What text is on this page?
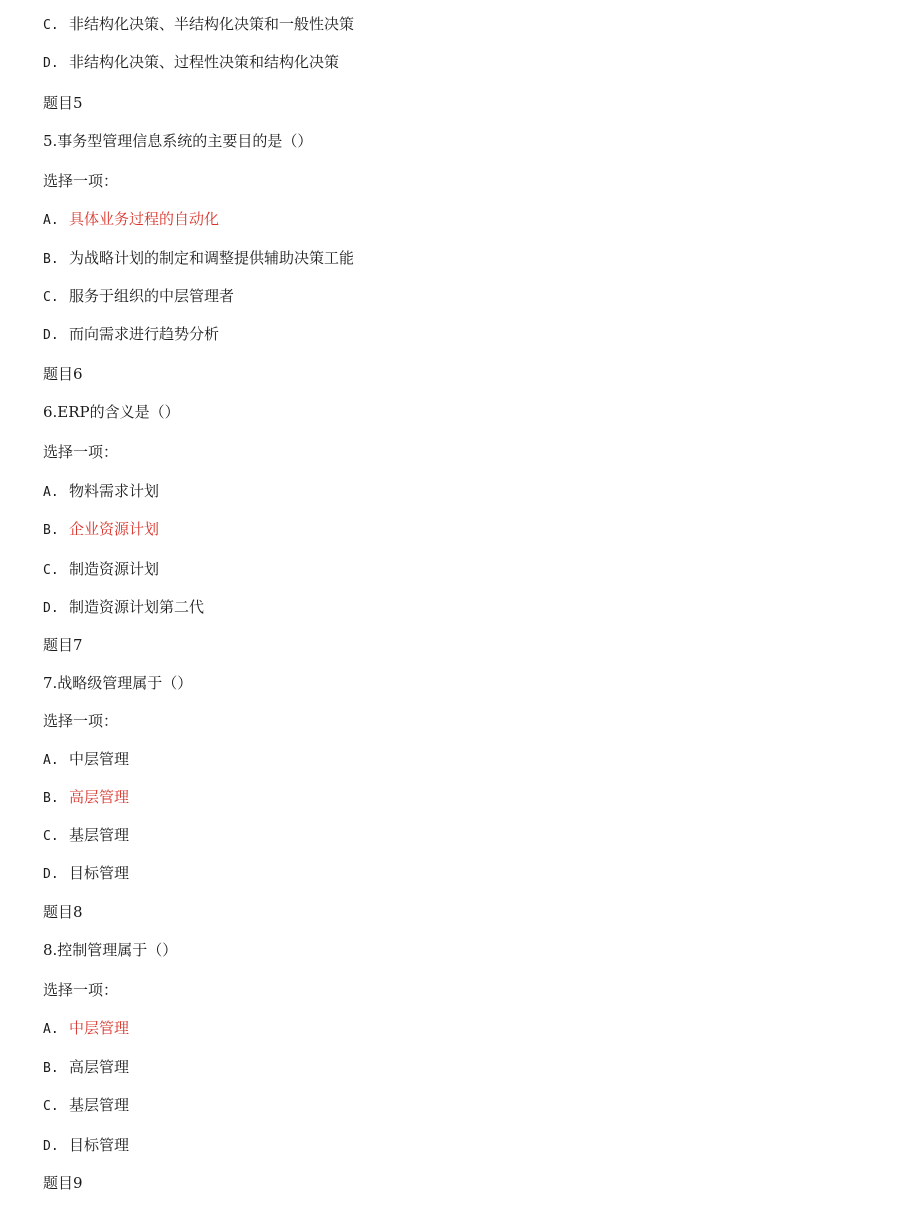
C. 非结构化决策、半结构化决策和一般性决策
D. 非结构化决策、过程性决策和结构化决策
题目5
5.事务型管理信息系统的主要目的是（）
选择一项：
A. 具体业务过程的自动化
B. 为战略计划的制定和调整提供辅助决策工能
C. 服务于组织的中层管理者
D. 而向需求进行趋势分析
题目6
6.ERP的含义是（）
选择一项：
A. 物料需求计划
B. 企业资源计划
C. 制造资源计划
D. 制造资源计划第二代
题目7
7.战略级管理属于（）
选择一项：
A. 中层管理
B. 高层管理
C. 基层管理
D. 目标管理
题目8
8.控制管理属于（）
选择一项：
A. 中层管理
B. 高层管理
C. 基层管理
D. 目标管理
题目9
